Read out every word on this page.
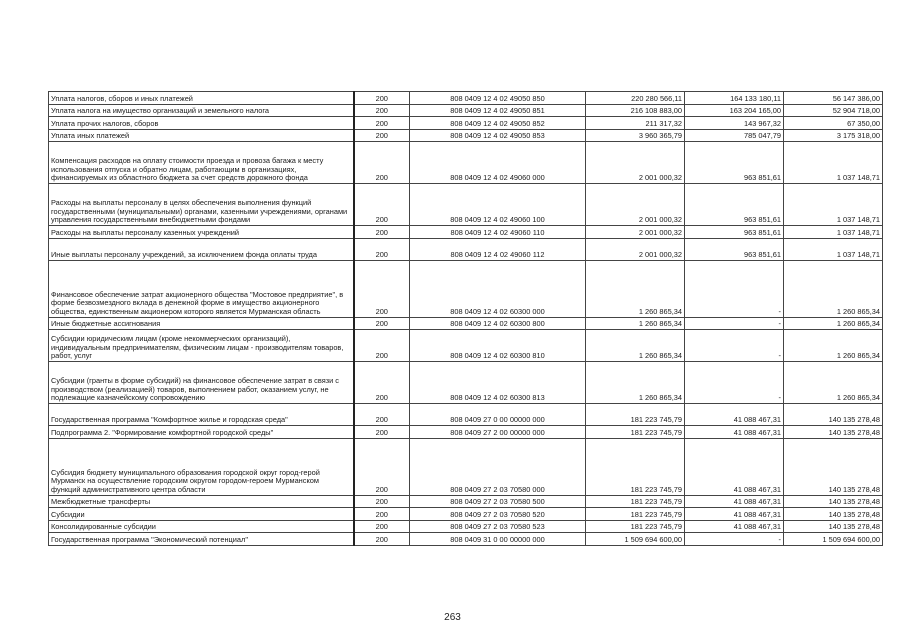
Уплата налогов, сборов и иных платежей	200	808 0409 12 4 02 49050 850	220 280 566,11	164 133 180,11	56 147 386,00
Уплата налога на имущество организаций и земельного налога	200	808 0409 12 4 02 49050 851	216 108 883,00	163 204 165,00	52 904 718,00
Уплата прочих налогов, сборов	200	808 0409 12 4 02 49050 852	211 317,32	143 967,32	67 350,00
Уплата иных платежей	200	808 0409 12 4 02 49050 853	3 960 365,79	785 047,79	3 175 318,00
Компенсация расходов на оплату стоимости проезда и провоза багажа к месту использования отпуска и обратно лицам, работающим в организациях, финансируемых из областного бюджета за счет средств дорожного фонда	200	808 0409 12 4 02 49060 000	2 001 000,32	963 851,61	1 037 148,71
Расходы на выплаты персоналу в целях обеспечения выполнения функций государственными (муниципальными) органами, казенными учреждениями, органами управления государственными внебюджетными фондами	200	808 0409 12 4 02 49060 100	2 001 000,32	963 851,61	1 037 148,71
Расходы на выплаты персоналу казенных учреждений	200	808 0409 12 4 02 49060 110	2 001 000,32	963 851,61	1 037 148,71
Иные выплаты персоналу учреждений, за исключением фонда оплаты труда	200	808 0409 12 4 02 49060 112	2 001 000,32	963 851,61	1 037 148,71
Финансовое обеспечение затрат акционерного общества "Мостовое предприятие", в форме безвозмездного вклада в денежной форме в имущество акционерного общества, единственным акционером которого является Мурманская область	200	808 0409 12 4 02 60300 000	1 260 865,34	-	1 260 865,34
Иные бюджетные ассигнования	200	808 0409 12 4 02 60300 800	1 260 865,34	-	1 260 865,34
Субсидии юридическим лицам (кроме некоммерческих организаций), индивидуальным предпринимателям, физическим лицам - производителям товаров, работ, услуг	200	808 0409 12 4 02 60300 810	1 260 865,34	-	1 260 865,34
Субсидии (гранты в форме субсидий) на финансовое обеспечение затрат в связи с производством (реализацией) товаров, выполнением работ, оказанием услуг, не подлежащие казначейскому сопровождению	200	808 0409 12 4 02 60300 813	1 260 865,34	-	1 260 865,34
Государственная программа "Комфортное жилье и городская среда"	200	808 0409 27 0 00 00000 000	181 223 745,79	41 088 467,31	140 135 278,48
Подпрограмма 2. "Формирование комфортной городской среды"	200	808 0409 27 2 00 00000 000	181 223 745,79	41 088 467,31	140 135 278,48
Субсидия бюджету муниципального образования городской округ город-герой Мурманск на осуществление городским округом городом-героем Мурманском функций административного центра области	200	808 0409 27 2 03 70580 000	181 223 745,79	41 088 467,31	140 135 278,48
Межбюджетные трансферты	200	808 0409 27 2 03 70580 500	181 223 745,79	41 088 467,31	140 135 278,48
Субсидии	200	808 0409 27 2 03 70580 520	181 223 745,79	41 088 467,31	140 135 278,48
Консолидированные субсидии	200	808 0409 27 2 03 70580 523	181 223 745,79	41 088 467,31	140 135 278,48
Государственная программа "Экономический потенциал"	200	808 0409 31 0 00 00000 000	1 509 694 600,00	-	1 509 694 600,00
263
